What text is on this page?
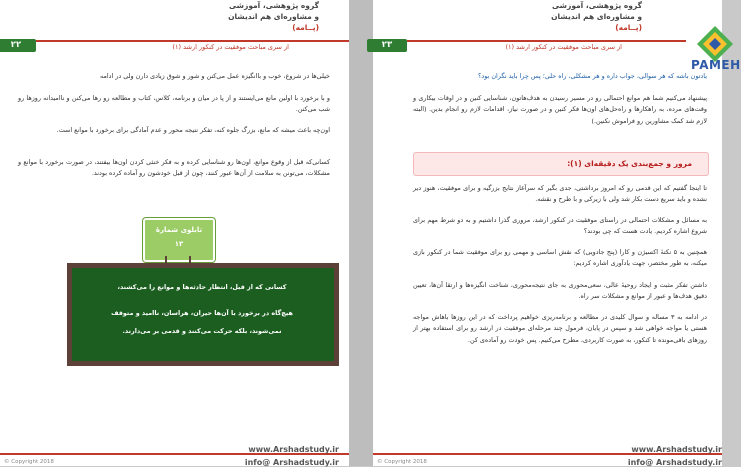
گروه پژوهشی، آموزشی
و مشاوره‌ای هم اندیشان
(پــامه)
۲۲	از سری مباحث موفقیت در کنکور ارشد (۱)

خیلی‌ها در شروع، خوب و باانگیزه عمل می‌کنن و شور و شوق زیادی دارن ولی در ادامه

و با برخورد با اولین مانع می‌ایستند و از پا در میان و برنامه، کلاس، کتاب و مطالعه رو رها می‌کنن و ناامیدانه روزها رو شب می‌کنن.

اون‌چه باعث میشه که مانع، بزرگ جلوه کنه، تفکر نتیجه محور و عدم آمادگی برای برخورد با موانع است.

کسانی‌که قبل از وقوع موانع، اون‌ها رو شناسایی کرده و به فکر خنثی کردن اون‌ها بیفتند، در صورت برخورد با موانع و مشکلات، می‌تونن به سلامت از آن‌ها عبور کنند، چون از قبل خودشون رو آماده کرده بودند.

تابلوی شمارۀ
۱۳
کسانی که از قبل، انتظار حادثه‌ها و موانع را می‌کشند،
هیچ‌گاه در برخورد با آن‌ها حیران، هراسان، ناامید و متوقف
نمی‌شوند، بلکه حرکت می‌کنند و قدمی بر می‌دارند.
www.Arshadstudy.ir
info@ Arshadstudy.ir
© Copyright 2018
گروه پژوهشی، آموزشی
و مشاوره‌ای هم اندیشان
(پــامه)
۲۳	از سری مباحث موفقیت در کنکور ارشد (۱)
PAMEH

یادتون باشه که هر سوالی، جواب داره و هر مشکلی، راه حلی؛ پس چرا باید نگران بود؟

پیشنهاد می‌کنیم شما هم موانع احتمالی رو در مسیر رسیدن به هدف‌هاتون، شناسایی کنین و در اوقات بیکاری و وقت‌های مرده، به راهکارها و راه‌حل‌های اون‌ها فکر کنین و در صورت نیاز، اقدامات لازم رو انجام بدین. (البته لازم شد کمک مشاورین رو فراموش نکنین.)

مرور و جمع‌بندی یک دقیقه‌ای (۱):

تا اینجا گفتیم که این قدمی رو که امروز برداشتی، جدی بگیر که سرآغاز نتایج بزرگیه و برای موفقیت، هنوز دیر نشده و باید سریع دست بکار شد ولی با زیرکی و با طرح و نقشه.

به مسائل و مشکلات احتمالی در راستای موفقیت در کنکور ارشد، مروری گذرا داشتیم و به دو شرط مهم برای شروع اشاره کردیم. یادت هست که چی بودند؟

همچنین به ۵ نکتۀ اکسیژن و کارا (پنج جادویی) که نقش اساسی و مهمی رو برای موفقیت شما در کنکور بازی میکنه، به طور مختصر، جهت یادآوری اشاره کردیم:

داشتن تفکر مثبت و ایجاد روحیۀ عالی، سعی‌محوری به جای نتیجه‌محوری، شناخت انگیزه‌ها و ارتقا آن‌ها، تعیین دقیق هدف‌ها و عبور از موانع و مشکلات سر راه.

در ادامه به ۳ مساله و سوال کلیدی در مطالعه و برنامه‌ریزی خواهیم پرداخت که در این روزها باهاش مواجه هستی یا مواجه خواهی شد و سپس در پایان، فرمول چند مرحله‌ای موفقیت در ارشد رو برای استفاده بهتر از روزهای باقی‌مونده تا کنکور، به صورت کاربردی، مطرح می‌کنیم. پس خودت رو آماده‌ی کن.

www.Arshadstudy.ir
info@ Arshadstudy.ir
© Copyright 2018
